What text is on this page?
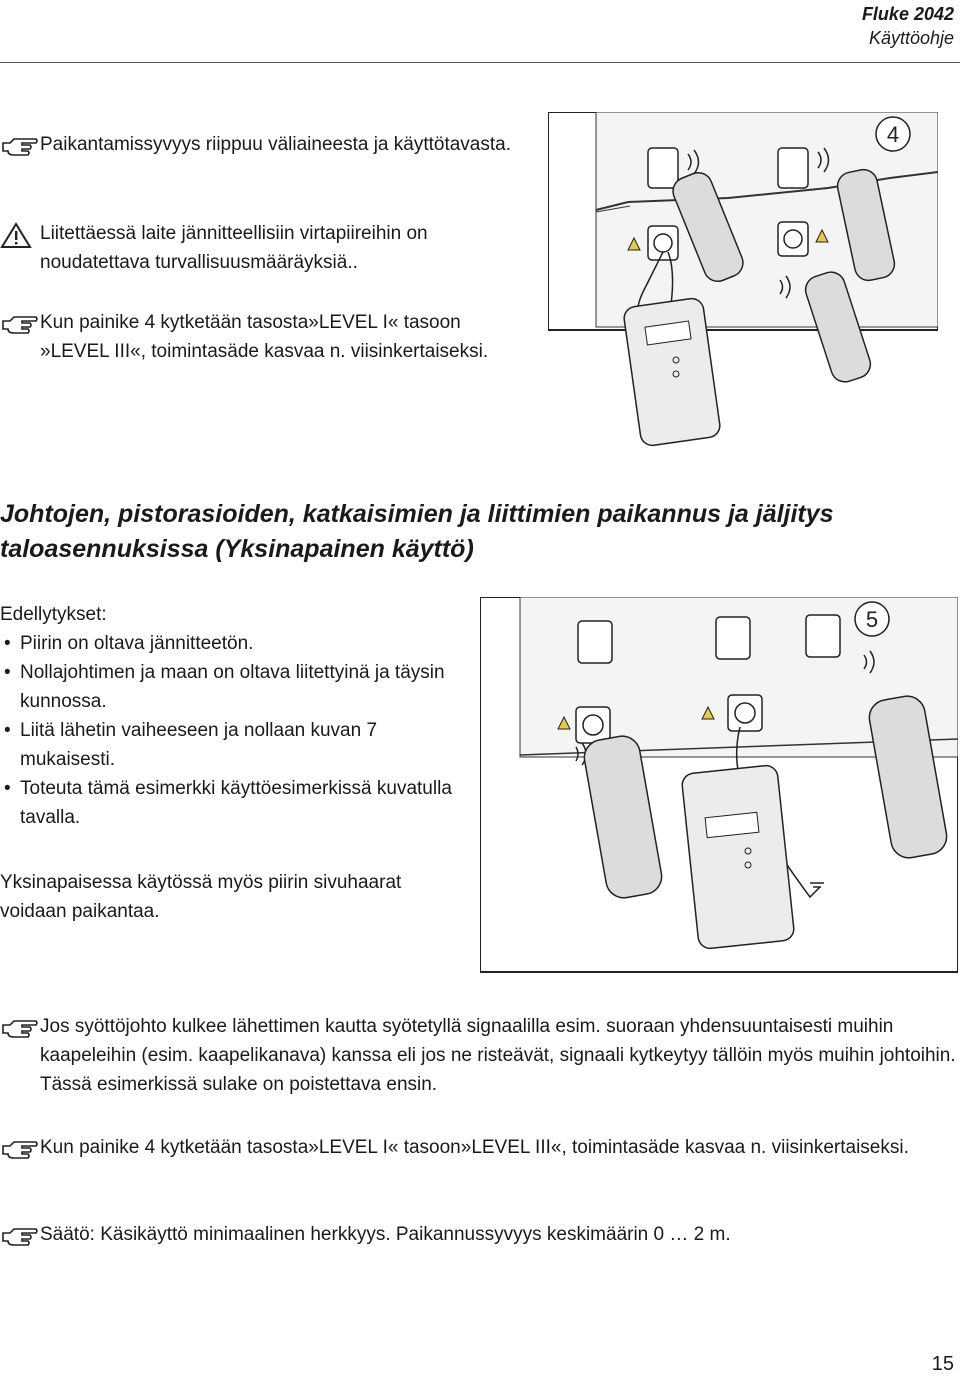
Fluke 2042
Käyttöohje
Paikantamissyvyys riippuu väliaineesta ja käyttötavasta.
Liitettäessä laite jännitteellisiin virtapiireihin on noudatettava turvallisuusmääräyksiä..
Kun painike 4 kytketään tasosta»LEVEL I« tasoon »LEVEL III«, toimintasäde kasvaa n. viisinkertaiseksi.
4
Johtojen, pistorasioiden, katkaisimien ja liittimien paikannus ja jäljitys taloasennuksissa (Yksinapainen käyttö)
Edellytykset:
• Piirin on oltava jännitteetön.
• Nollajohtimen ja maan on oltava liitettyinä ja täysin kunnossa.
• Liitä lähetin vaiheeseen ja nollaan kuvan 7 mukaisesti.
• Toteuta tämä esimerkki käyttöesimerkissä kuvatulla tavalla.
Yksinapaisessa käytössä myös piirin sivuhaarat voidaan paikantaa.
5
Jos syöttöjohto kulkee lähettimen kautta syötetyllä signaalilla esim. suoraan yhdensuuntaisesti muihin kaapeleihin (esim. kaapelikanava) kanssa eli jos ne risteävät, signaali kytkeytyy tällöin myös muihin johtoihin. Tässä esimerkissä sulake on poistettava ensin.
Kun painike 4 kytketään tasosta»LEVEL I« tasoon»LEVEL III«, toimintasäde kasvaa n. viisinkertaiseksi.
Säätö: Käsikäyttö minimaalinen herkkyys. Paikannussyvyys keskimäärin 0 … 2 m.
15
